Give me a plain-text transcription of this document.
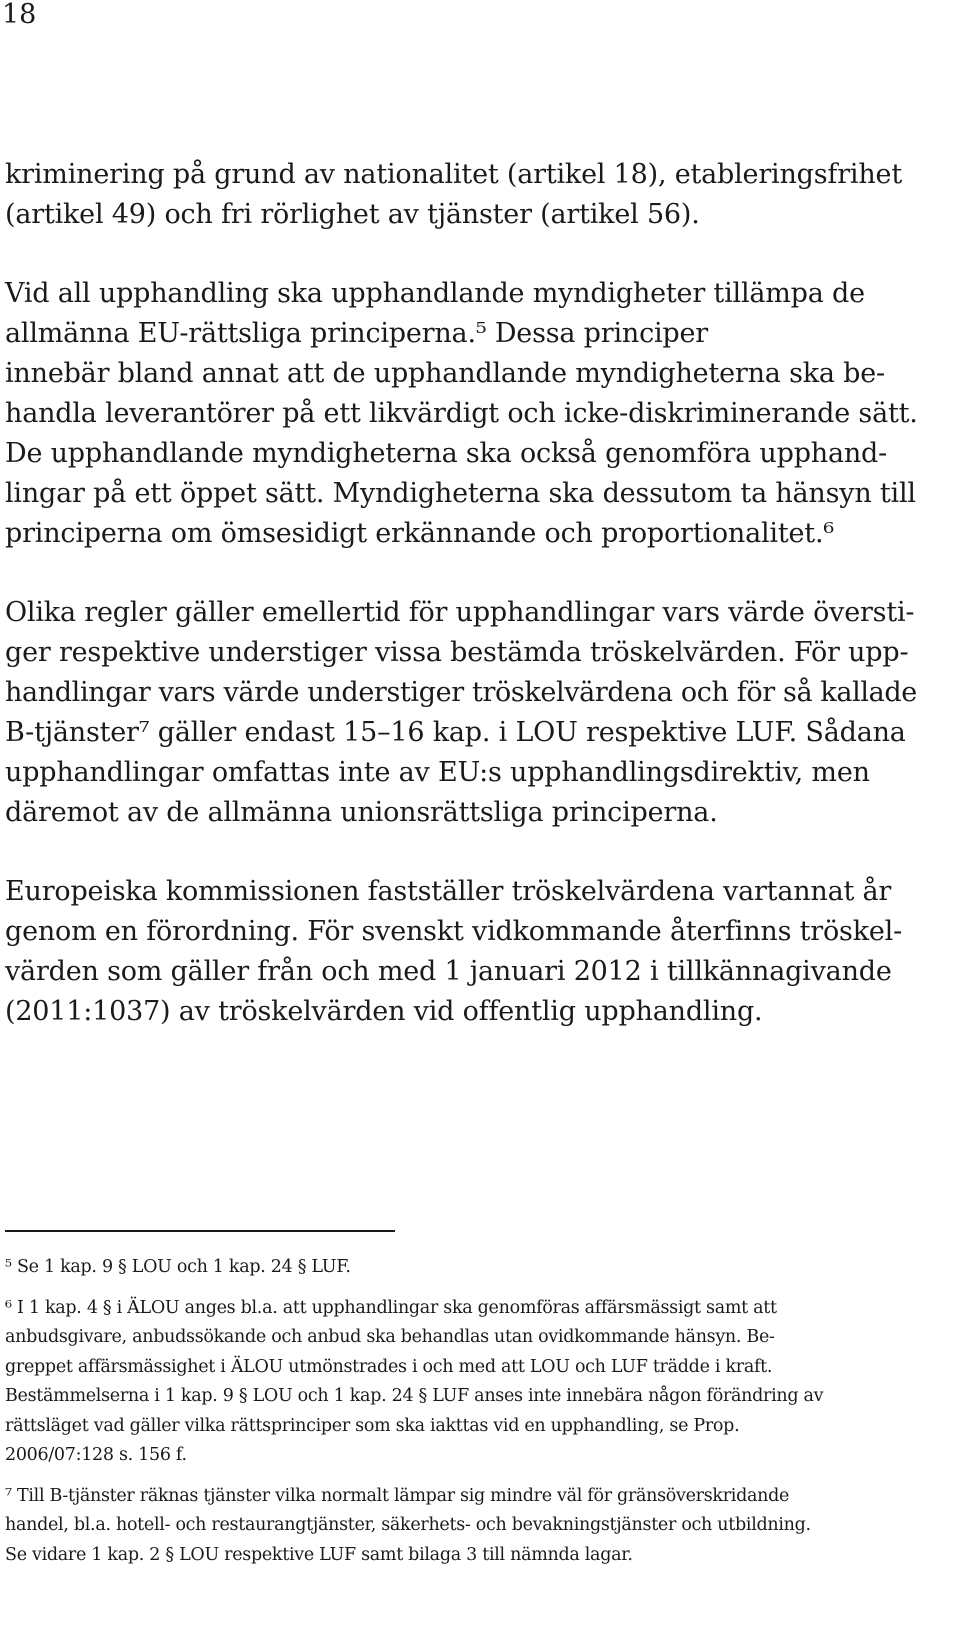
18
kriminering på grund av nationalitet (artikel 18), etableringsfrihet
(artikel 49) och fri rörlighet av tjänster (artikel 56).
Vid all upphandling ska upphandlande myndigheter tillämpa de
allmänna EU-rättsliga principerna.⁵ Dessa principer
innebär bland annat att de upphandlande myndigheterna ska be-
handla leverantörer på ett likvärdigt och icke-diskriminerande sätt.
De upphandlande myndigheterna ska också genomföra upphand-
lingar på ett öppet sätt. Myndigheterna ska dessutom ta hänsyn till
principerna om ömsesidigt erkännande och proportionalitet.⁶
Olika regler gäller emellertid för upphandlingar vars värde översti-
ger respektive understiger vissa bestämda tröskelvärden. För upp-
handlingar vars värde understiger tröskelvärdena och för så kallade
B-tjänster⁷ gäller endast 15–16 kap. i LOU respektive LUF. Sådana
upphandlingar omfattas inte av EU:s upphandlingsdirektiv, men
däremot av de allmänna unionsrättsliga principerna.
Europeiska kommissionen fastställer tröskelvärdena vartannat år
genom en förordning. För svenskt vidkommande återfinns tröskel-
värden som gäller från och med 1 januari 2012 i tillkännagivande
(2011:1037) av tröskelvärden vid offentlig upphandling.
⁵ Se 1 kap. 9 § LOU och 1 kap. 24 § LUF.
⁶ I 1 kap. 4 § i ÄLOU anges bl.a. att upphandlingar ska genomföras affärsmässigt samt att
anbudsgivare, anbudssökande och anbud ska behandlas utan ovidkommande hänsyn. Be-
greppet affärsmässighet i ÄLOU utmönstrades i och med att LOU och LUF trädde i kraft.
Bestämmelserna i 1 kap. 9 § LOU och 1 kap. 24 § LUF anses inte innebära någon förändring av
rättsläget vad gäller vilka rättsprinciper som ska iakttas vid en upphandling, se Prop.
2006/07:128 s. 156 f.
⁷ Till B-tjänster räknas tjänster vilka normalt lämpar sig mindre väl för gränsöverskridande
handel, bl.a. hotell- och restaurangtjänster, säkerhets- och bevakningstjänster och utbildning.
Se vidare 1 kap. 2 § LOU respektive LUF samt bilaga 3 till nämnda lagar.
